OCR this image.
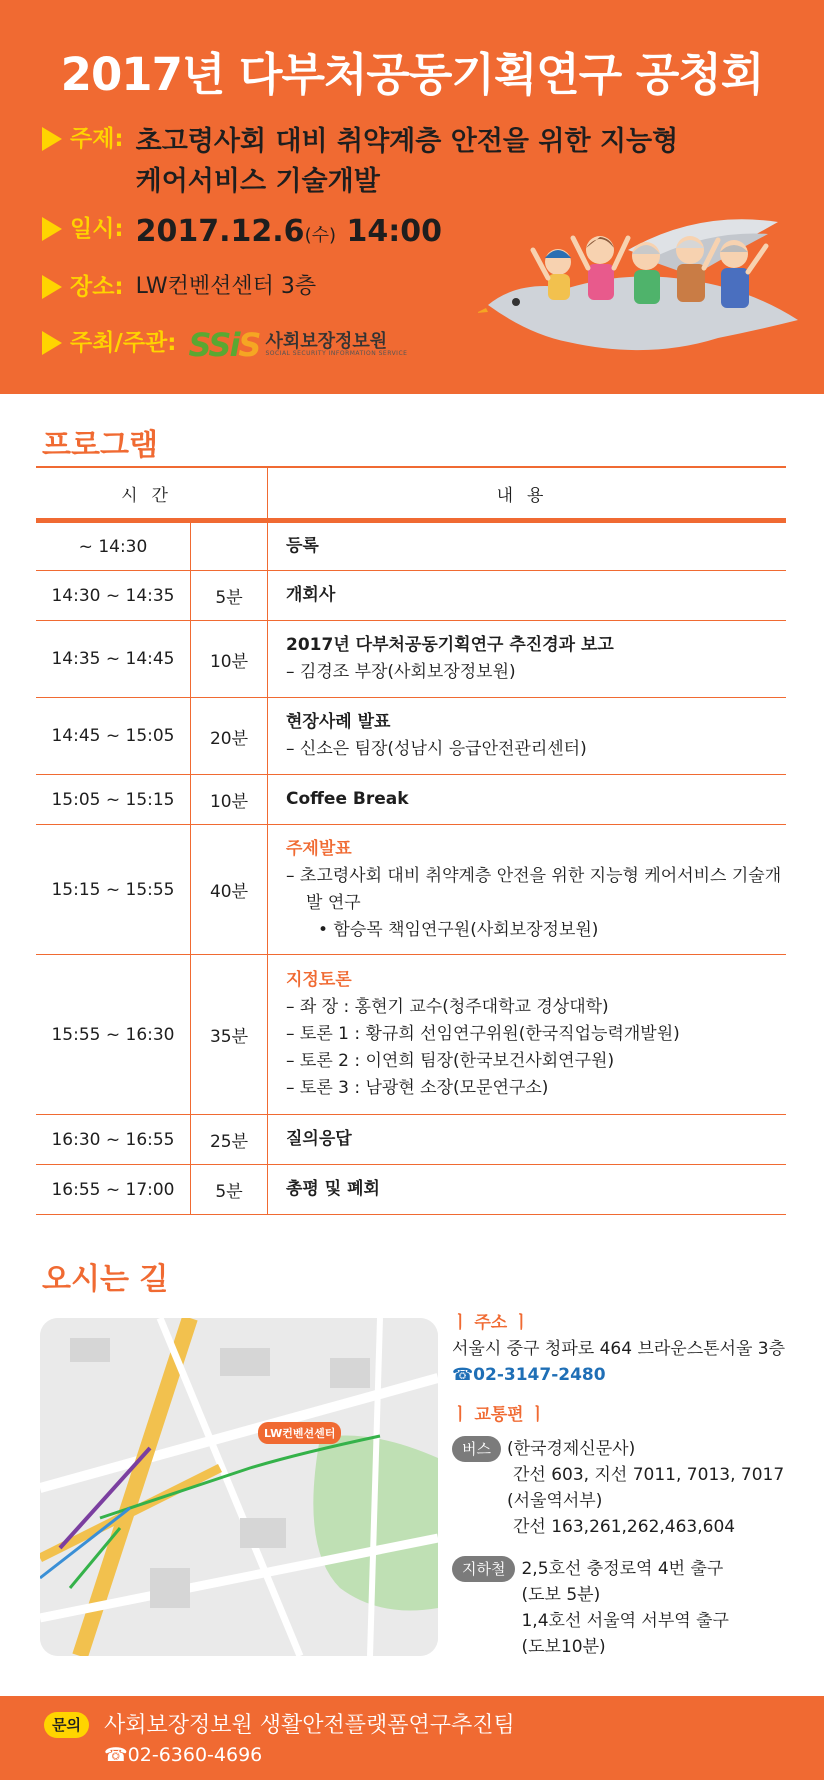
2017년 다부처공동기획연구 공청회
주제: 초고령사회 대비 취약계층 안전을 위한 지능형
케어서비스 기술개발
일시: 2017.12.6(수) 14:00
장소: LW컨벤션센터 3층
주최/주관: SSiS 사회보장정보원
SOCIAL SECURITY INFORMATION SERVICE
프로그램
시간		내용
~ 14:30		등록

14:30 ~ 14:35	5분	개회사

14:35 ~ 14:45	10분	2017년 다부처공동기획연구 추진경과 보고
– 김경조 부장(사회보장정보원)

14:45 ~ 15:05	20분	현장사례 발표
– 신소은 팀장(성남시 응급안전관리센터)

15:05 ~ 15:15	10분	Coffee Break

15:15 ~ 15:55	40분	주제발표
– 초고령사회 대비 취약계층 안전을 위한 지능형 케어서비스 기술개발 연구
• 함승목 책임연구원(사회보장정보원)

15:55 ~ 16:30	35분	지정토론
– 좌 장 : 홍현기 교수(청주대학교 경상대학)
– 토론 1 : 황규희 선임연구위원(한국직업능력개발원)
– 토론 2 : 이연희 팀장(한국보건사회연구원)
– 토론 3 : 남광현 소장(모문연구소)

16:30 ~ 16:55	25분	질의응답

16:55 ~ 17:00	5분	총평 및 폐회
오시는 길
LW컨벤션센터
ㅣ 주소 ㅣ
서울시 중구 청파로 464 브라운스톤서울 3층
☎02-3147-2480
ㅣ 교통편 ㅣ
버스 (한국경제신문사)
간선 603, 지선 7011, 7013, 7017
(서울역서부)
간선 163,261,262,463,604
지하철 2,5호선 충정로역 4번 출구
(도보 5분)
1,4호선 서울역 서부역 출구
(도보10분)
문의	사회보장정보원 생활안전플랫폼연구추진팀
☎02-6360-4696
